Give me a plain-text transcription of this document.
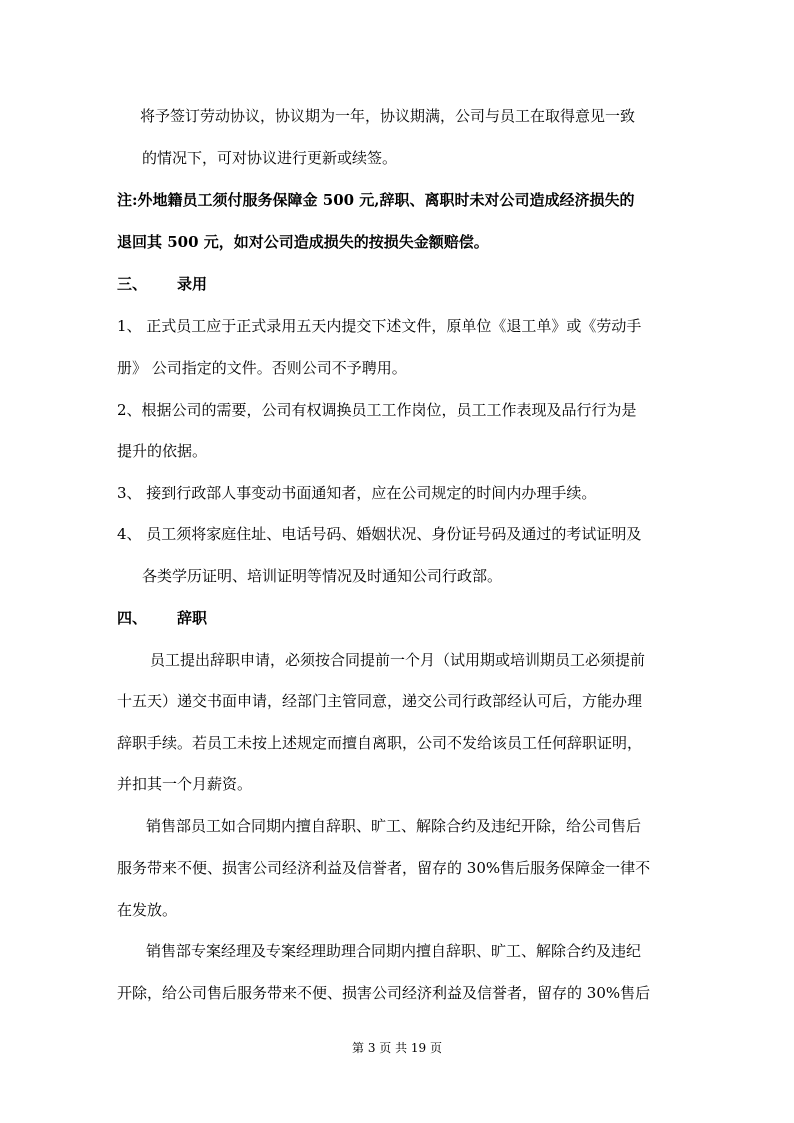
将予签订劳动协议，协议期为一年，协议期满，公司与员工在取得意见一致
的情况下，可对协议进行更新或续签。
注:外地籍员工须付服务保障金 500 元,辞职、离职时未对公司造成经济损失的
退回其 500 元，如对公司造成损失的按损失金额赔偿。
三、 录用
1、 正式员工应于正式录用五天内提交下述文件，原单位《退工单》或《劳动手
册》 公司指定的文件。否则公司不予聘用。
2、根据公司的需要，公司有权调换员工工作岗位，员工工作表现及品行行为是
提升的依据。
3、 接到行政部人事变动书面通知者，应在公司规定的时间内办理手续。
4、 员工须将家庭住址、电话号码、婚姻状况、身份证号码及通过的考试证明及
各类学历证明、培训证明等情况及时通知公司行政部。
四、 辞职
员工提出辞职申请，必须按合同提前一个月（试用期或培训期员工必须提前
十五天）递交书面申请，经部门主管同意，递交公司行政部经认可后，方能办理
辞职手续。若员工未按上述规定而擅自离职，公司不发给该员工任何辞职证明，
并扣其一个月薪资。
销售部员工如合同期内擅自辞职、旷工、解除合约及违纪开除，给公司售后
服务带来不便、损害公司经济利益及信誉者，留存的 30%售后服务保障金一律不
在发放。
销售部专案经理及专案经理助理合同期内擅自辞职、旷工、解除合约及违纪
开除，给公司售后服务带来不便、损害公司经济利益及信誉者，留存的 30%售后
第 3 页 共 19 页
